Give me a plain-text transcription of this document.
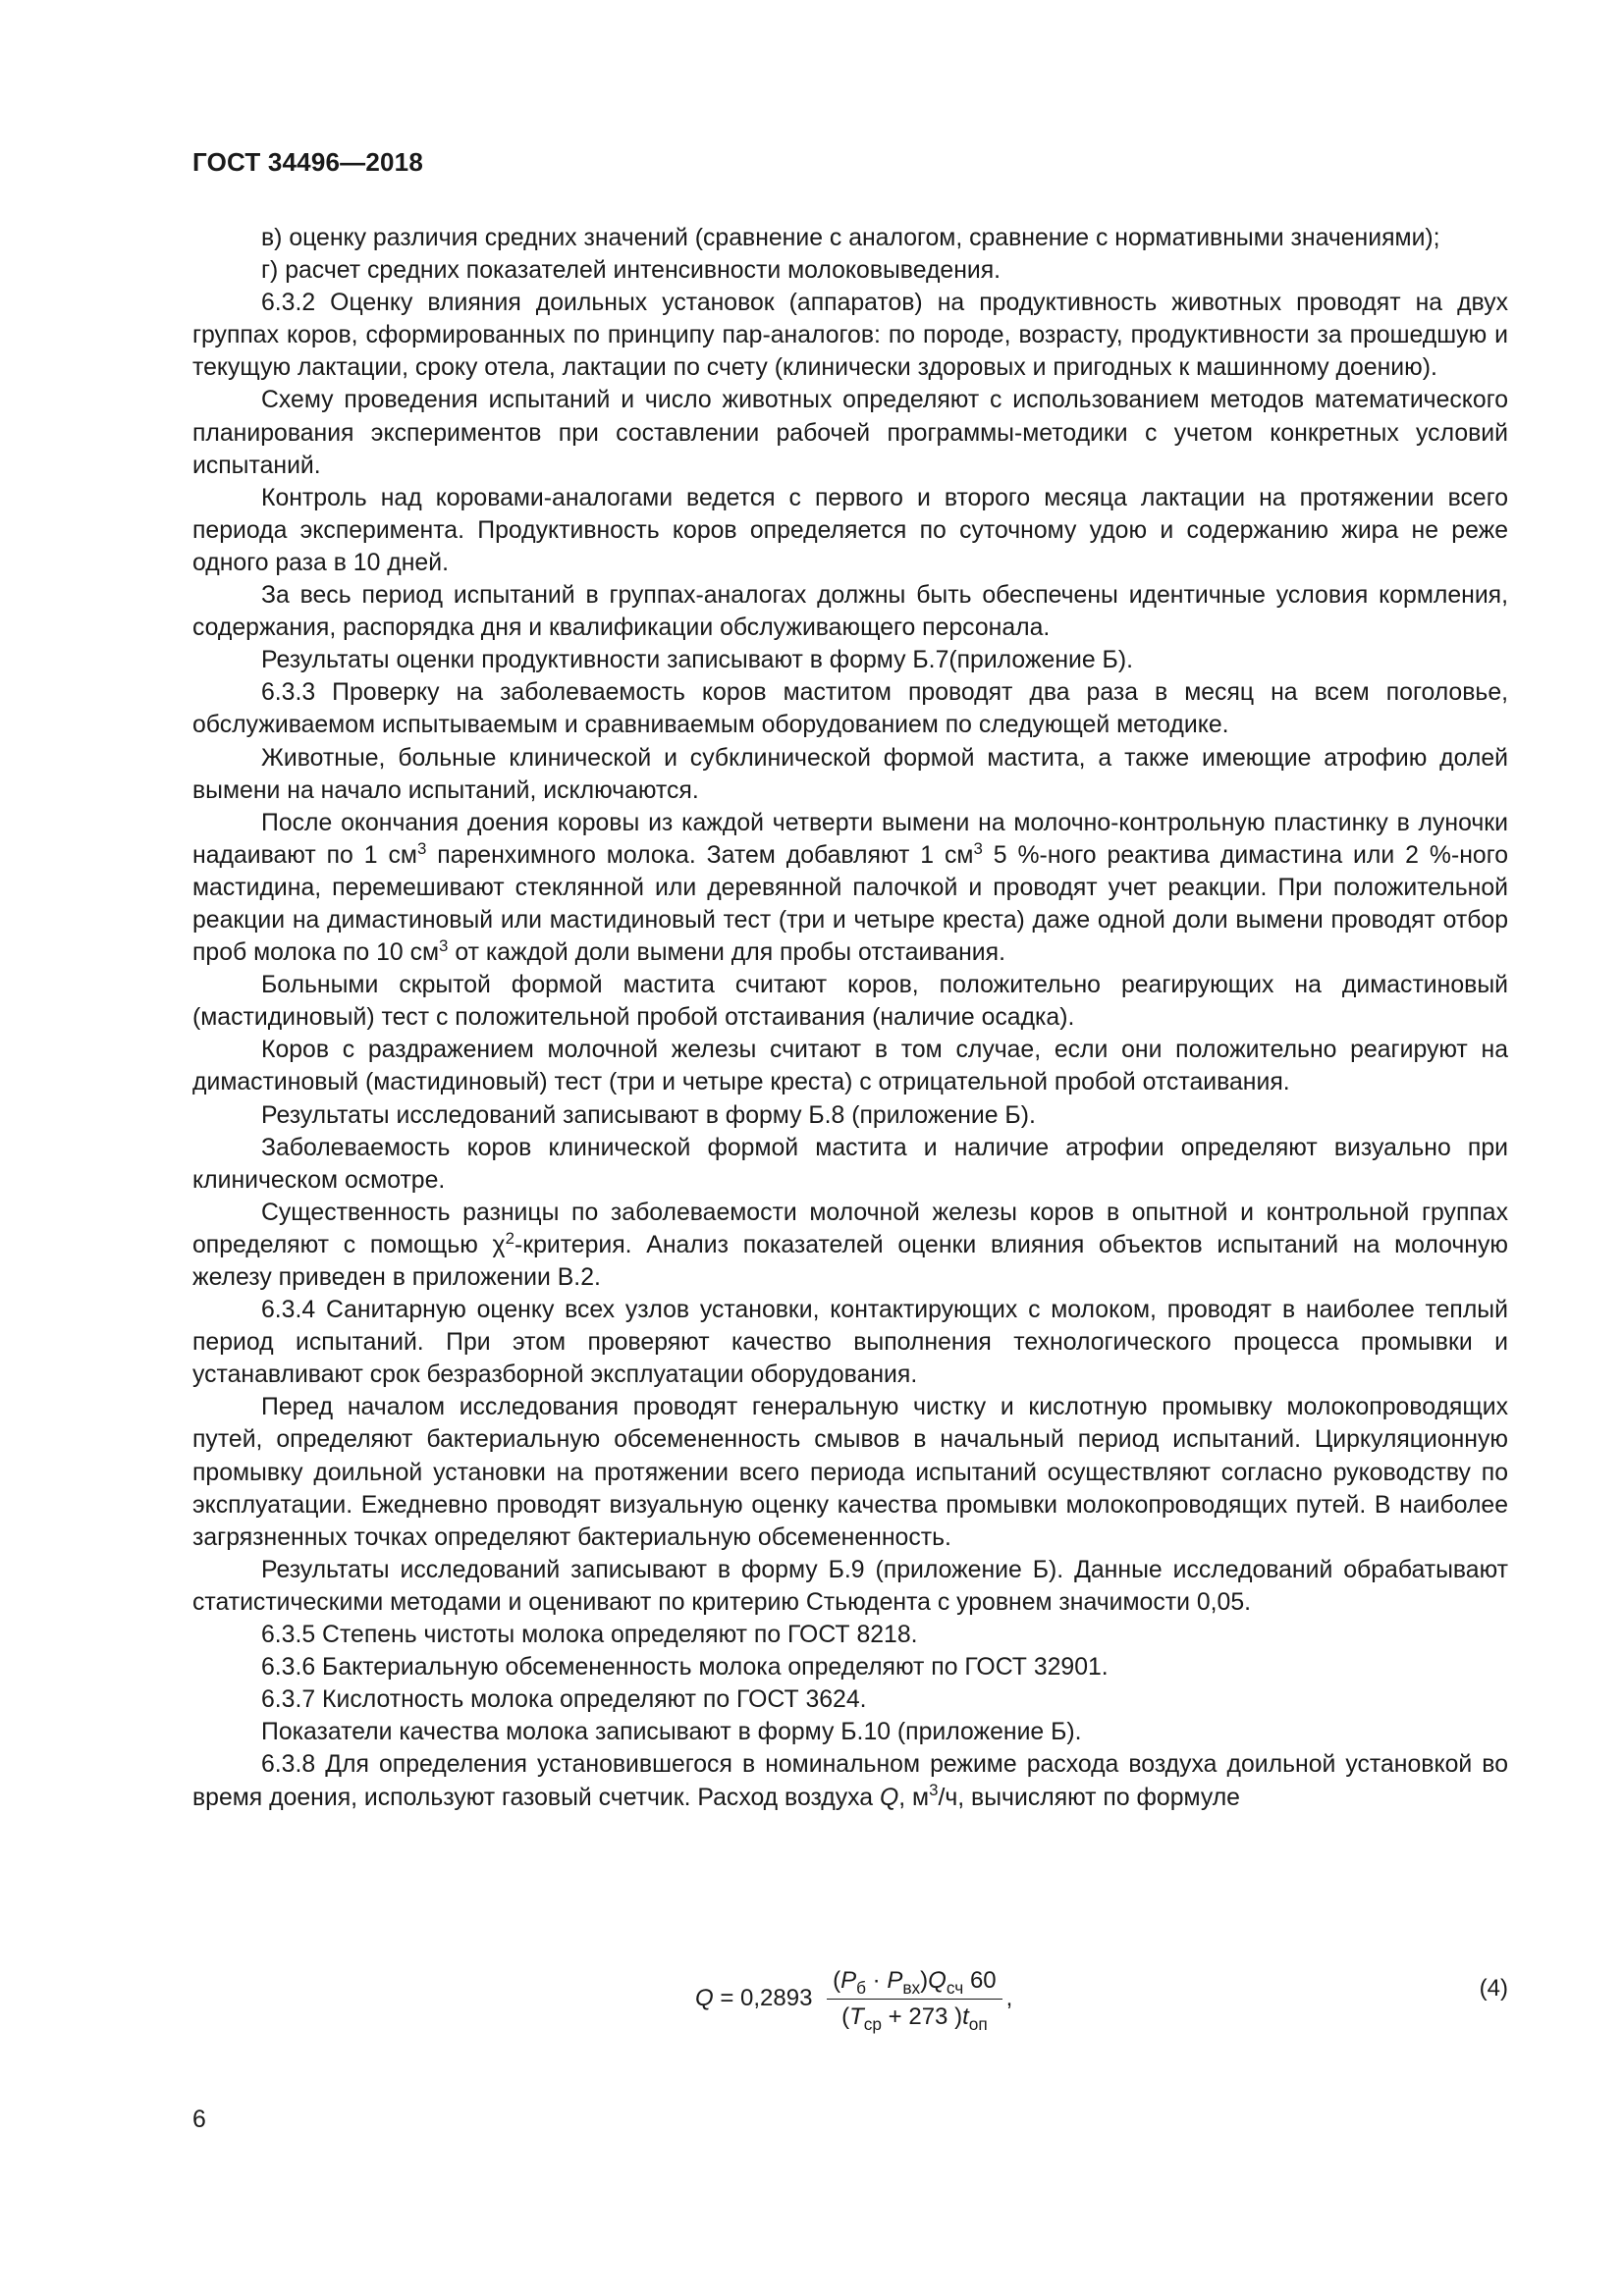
ГОСТ 34496—2018

в) оценку различия средних значений (сравнение с аналогом, сравнение с нормативными значениями);

г) расчет средних показателей интенсивности молоковыведения.

6.3.2 Оценку влияния доильных установок (аппаратов) на продуктивность животных проводят на двух группах коров, сформированных по принципу пар-аналогов: по породе, возрасту, продуктивности за прошедшую и текущую лактации, сроку отела, лактации по счету (клинически здоровых и пригодных к машинному доению).

Схему проведения испытаний и число животных определяют с использованием методов математического планирования экспериментов при составлении рабочей программы-методики с учетом конкретных условий испытаний.

Контроль над коровами-аналогами ведется с первого и второго месяца лактации на протяжении всего периода эксперимента. Продуктивность коров определяется по суточному удою и содержанию жира не реже одного раза в 10 дней.

За весь период испытаний в группах-аналогах должны быть обеспечены идентичные условия кормления, содержания, распорядка дня и квалификации обслуживающего персонала.

Результаты оценки продуктивности записывают в форму Б.7(приложение Б).

6.3.3 Проверку на заболеваемость коров маститом проводят два раза в месяц на всем поголовье, обслуживаемом испытываемым и сравниваемым оборудованием по следующей методике.

Животные, больные клинической и субклинической формой мастита, а также имеющие атрофию долей вымени на начало испытаний, исключаются.

После окончания доения коровы из каждой четверти вымени на молочно-контрольную пластинку в луночки надаивают по 1 $см^3$ паренхимного молока. Затем добавляют 1 $см^3$ 5 %-ного реактива димастина или 2 %-ного мастидина, перемешивают стеклянной или деревянной палочкой и проводят учет реакции. При положительной реакции на димастиновый или мастидиновый тест (три и четыре креста) даже одной доли вымени проводят отбор проб молока по 10 $см^3$ от каждой доли вымени для пробы отстаивания.

Больными скрытой формой мастита считают коров, положительно реагирующих на димастиновый (мастидиновый) тест с положительной пробой отстаивания (наличие осадка).

Коров с раздражением молочной железы считают в том случае, если они положительно реагируют на димастиновый (мастидиновый) тест (три и четыре креста) с отрицательной пробой отстаивания.

Результаты исследований записывают в форму Б.8 (приложение Б).

Заболеваемость коров клинической формой мастита и наличие атрофии определяют визуально при клиническом осмотре.

Существенность разницы по заболеваемости молочной железы коров в опытной и контрольной группах определяют с помощью $\chi^2$-критерия. Анализ показателей оценки влияния объектов испытаний на молочную железу приведен в приложении В.2.

6.3.4 Санитарную оценку всех узлов установки, контактирующих с молоком, проводят в наиболее теплый период испытаний. При этом проверяют качество выполнения технологического процесса промывки и устанавливают срок безразборной эксплуатации оборудования.

Перед началом исследования проводят генеральную чистку и кислотную промывку молокопроводящих путей, определяют бактериальную обсемененность смывов в начальный период испытаний. Циркуляционную промывку доильной установки на протяжении всего периода испытаний осуществляют согласно руководству по эксплуатации. Ежедневно проводят визуальную оценку качества промывки молокопроводящих путей. В наиболее загрязненных точках определяют бактериальную обсемененность.

Результаты исследований записывают в форму Б.9 (приложение Б). Данные исследований обрабатывают статистическими методами и оценивают по критерию Стьюдента с уровнем значимости 0,05.

6.3.5 Степень чистоты молока определяют по ГОСТ 8218.

6.3.6 Бактериальную обсемененность молока определяют по ГОСТ 32901.

6.3.7 Кислотность молока определяют по ГОСТ 3624.

Показатели качества молока записывают в форму Б.10 (приложение Б).

6.3.8 Для определения установившегося в номинальном режиме расхода воздуха доильной установкой во время доения, используют газовый счетчик. Расход воздуха Q, $м^3/ч$, вычисляют по формуле

$Q = 0,2893 \frac{(P_б \cdot P_{вх})Q_{сч} 60}{(T_{ср} + 273 )t_{оп}}$ ,	(4)
6
